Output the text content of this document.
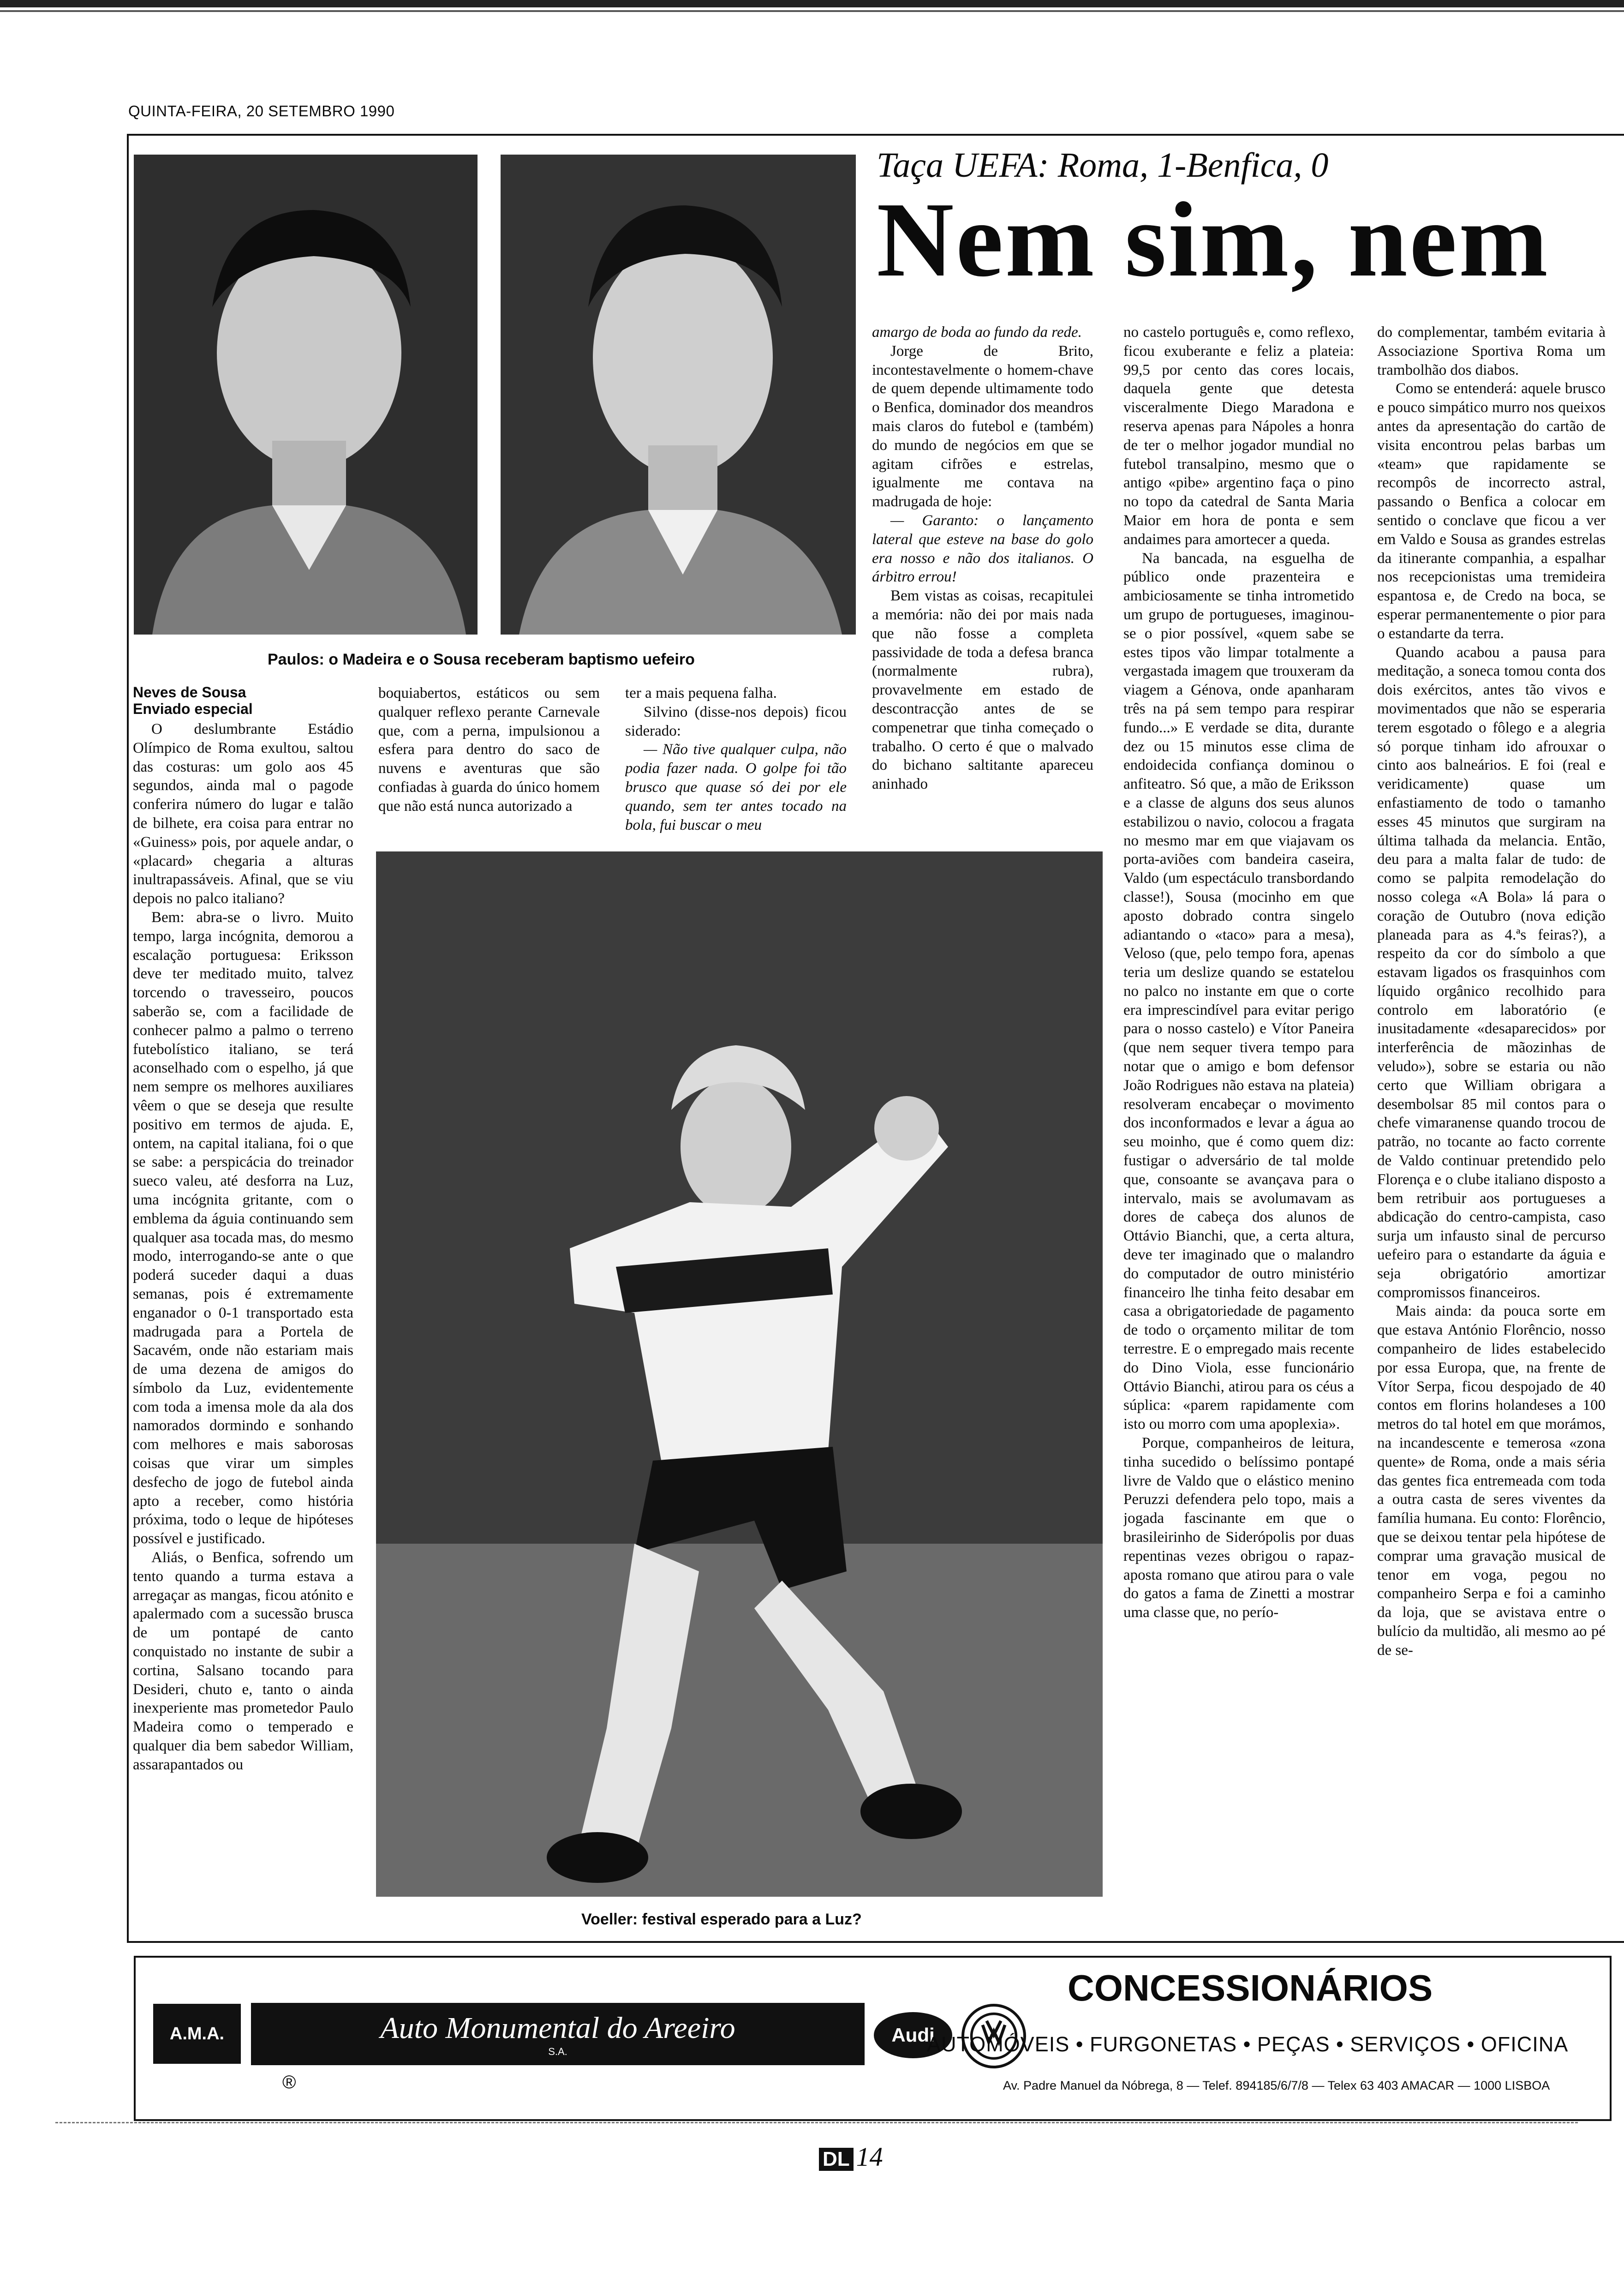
QUINTA-FEIRA, 20 SETEMBRO 1990
Paulos: o Madeira e o Sousa receberam baptismo uefeiro
Taça UEFA: Roma, 1-Benfica, 0
Nem sim, nem
Neves de Sousa
Enviado especial

O deslumbrante Estádio Olímpico de Roma exultou, saltou das costuras: um golo aos 45 segundos, ainda mal o pagode conferira número do lugar e talão de bilhete, era coisa para entrar no «Guiness» pois, por aquele andar, o «placard» chegaria a alturas inultrapassáveis. Afinal, que se viu depois no palco italiano?

Bem: abra-se o livro. Muito tempo, larga incógnita, demorou a escalação portuguesa: Eriksson deve ter meditado muito, talvez torcendo o travesseiro, poucos saberão se, com a facilidade de conhecer palmo a palmo o terreno futebolístico italiano, se terá aconselhado com o espelho, já que nem sempre os melhores auxiliares vêem o que se deseja que resulte positivo em termos de ajuda. E, ontem, na capital italiana, foi o que se sabe: a perspicácia do treinador sueco valeu, até desforra na Luz, uma incógnita gritante, com o emblema da águia continuando sem qualquer asa tocada mas, do mesmo modo, interrogando-se ante o que poderá suceder daqui a duas semanas, pois é extremamente enganador o 0-1 transportado esta madrugada para a Portela de Sacavém, onde não estariam mais de uma dezena de amigos do símbolo da Luz, evidentemente com toda a imensa mole da ala dos namorados dormindo e sonhando com melhores e mais saborosas coisas que virar um simples desfecho de jogo de futebol ainda apto a receber, como história próxima, todo o leque de hipóteses possível e justificado.

Aliás, o Benfica, sofrendo um tento quando a turma estava a arregaçar as mangas, ficou atónito e apalermado com a sucessão brusca de um pontapé de canto conquistado no instante de subir a cortina, Salsano tocando para Desideri, chuto e, tanto o ainda inexperiente mas prometedor Paulo Madeira como o temperado e qualquer dia bem sabedor William, assarapantados ou

boquiabertos, estáticos ou sem qualquer reflexo perante Carnevale que, com a perna, impulsionou a esfera para dentro do saco de nuvens e aventuras que são confiadas à guarda do único homem que não está nunca autorizado a

ter a mais pequena falha.

Silvino (disse-nos depois) ficou siderado:

— Não tive qualquer culpa, não podia fazer nada. O golpe foi tão brusco que quase só dei por ele quando, sem ter antes tocado na bola, fui buscar o meu

amargo de boda ao fundo da rede.

Jorge de Brito, incontestavelmente o homem-chave de quem depende ultimamente todo o Benfica, dominador dos meandros mais claros do futebol e (também) do mundo de negócios em que se agitam cifrões e estrelas, igualmente me contava na madrugada de hoje:

— Garanto: o lançamento lateral que esteve na base do golo era nosso e não dos italianos. O árbitro errou!

Bem vistas as coisas, recapitulei a memória: não dei por mais nada que não fosse a completa passividade de toda a defesa branca (normalmente rubra), provavelmente em estado de descontracção antes de se compenetrar que tinha começado o trabalho. O certo é que o malvado do bichano saltitante apareceu aninhado

no castelo português e, como reflexo, ficou exuberante e feliz a plateia: 99,5 por cento das cores locais, daquela gente que detesta visceralmente Diego Maradona e reserva apenas para Nápoles a honra de ter o melhor jogador mundial no futebol transalpino, mesmo que o antigo «pibe» argentino faça o pino no topo da catedral de Santa Maria Maior em hora de ponta e sem andaimes para amortecer a queda.

Na bancada, na esguelha de público onde prazenteira e ambiciosamente se tinha intrometido um grupo de portugueses, imaginou-se o pior possível, «quem sabe se estes tipos vão limpar totalmente a vergastada imagem que trouxeram da viagem a Génova, onde apanharam três na pá sem tempo para respirar fundo...» E verdade se dita, durante dez ou 15 minutos esse clima de endoidecida confiança dominou o anfiteatro. Só que, a mão de Eriksson e a classe de alguns dos seus alunos estabilizou o navio, colocou a fragata no mesmo mar em que viajavam os porta-aviões com bandeira caseira, Valdo (um espectáculo transbordando classe!), Sousa (mocinho em que aposto dobrado contra singelo adiantando o «taco» para a mesa), Veloso (que, pelo tempo fora, apenas teria um deslize quando se estatelou no palco no instante em que o corte era imprescindível para evitar perigo para o nosso castelo) e Vítor Paneira (que nem sequer tivera tempo para notar que o amigo e bom defensor João Rodrigues não estava na plateia) resolveram encabeçar o movimento dos inconformados e levar a água ao seu moinho, que é como quem diz: fustigar o adversário de tal molde que, consoante se avançava para o intervalo, mais se avolumavam as dores de cabeça dos alunos de Ottávio Bianchi, que, a certa altura, deve ter imaginado que o malandro do computador de outro ministério financeiro lhe tinha feito desabar em casa a obrigatoriedade de pagamento de todo o orçamento militar de tom terrestre. E o empregado mais recente do Dino Viola, esse funcionário Ottávio Bianchi, atirou para os céus a súplica: «parem rapidamente com isto ou morro com uma apoplexia».

Porque, companheiros de leitura, tinha sucedido o belíssimo pontapé livre de Valdo que o elástico menino Peruzzi defendera pelo topo, mais a jogada fascinante em que o brasileirinho de Siderópolis por duas repentinas vezes obrigou o rapaz-aposta romano que atirou para o vale do gatos a fama de Zinetti a mostrar uma classe que, no perío-

do complementar, também evitaria à Associazione Sportiva Roma um trambolhão dos diabos.

Como se entenderá: aquele brusco e pouco simpático murro nos queixos antes da apresentação do cartão de visita encontrou pelas barbas um «team» que rapidamente se recompôs de incorrecto astral, passando o Benfica a colocar em sentido o conclave que ficou a ver em Valdo e Sousa as grandes estrelas da itinerante companhia, a espalhar nos recepcionistas uma tremideira espantosa e, de Credo na boca, se esperar permanentemente o pior para o estandarte da terra.

Quando acabou a pausa para meditação, a soneca tomou conta dos dois exércitos, antes tão vivos e movimentados que não se esperaria terem esgotado o fôlego e a alegria só porque tinham ido afrouxar o cinto aos balneários. E foi (real e veridicamente) quase um enfastiamento de todo o tamanho esses 45 minutos que surgiram na última talhada da melancia. Então, deu para a malta falar de tudo: de como se palpita remodelação do nosso colega «A Bola» lá para o coração de Outubro (nova edição planeada para as 4.ªs feiras?), a respeito da cor do símbolo a que estavam ligados os frasquinhos com líquido orgânico recolhido para controlo em laboratório (e inusitadamente «desaparecidos» por interferência de mãozinhas de veludo»), sobre se estaria ou não certo que William obrigara a desembolsar 85 mil contos para o chefe vimaranense quando trocou de patrão, no tocante ao facto corrente de Valdo continuar pretendido pelo Florença e o clube italiano disposto a bem retribuir aos portugueses a abdicação do centro-campista, caso surja um infausto sinal de percurso uefeiro para o estandarte da águia e seja obrigatório amortizar compromissos financeiros.

Mais ainda: da pouca sorte em que estava António Florêncio, nosso companheiro de lides estabelecido por essa Europa, que, na frente de Vítor Serpa, ficou despojado de 40 contos em florins holandeses a 100 metros do tal hotel em que morámos, na incandescente e temerosa «zona quente» de Roma, onde a mais séria das gentes fica entremeada com toda a outra casta de seres viventes da família humana. Eu conto: Florêncio, que se deixou tentar pela hipótese de comprar uma gravação musical de tenor em voga, pegou no companheiro Serpa e foi a caminho da loja, que se avistava entre o bulício da multidão, ali mesmo ao pé de se-

Voeller: festival esperado para a Luz?
A.M.A.	Auto Monumental do Areeiro
S.A.
®
Audi
CONCESSIONÁRIOS
AUTOMÓVEIS • FURGONETAS • PEÇAS • SERVIÇOS • OFICINA
Av. Padre Manuel da Nóbrega, 8 — Telef. 894185/6/7/8 — Telex 63 403 AMACAR — 1000 LISBOA
DL 14
